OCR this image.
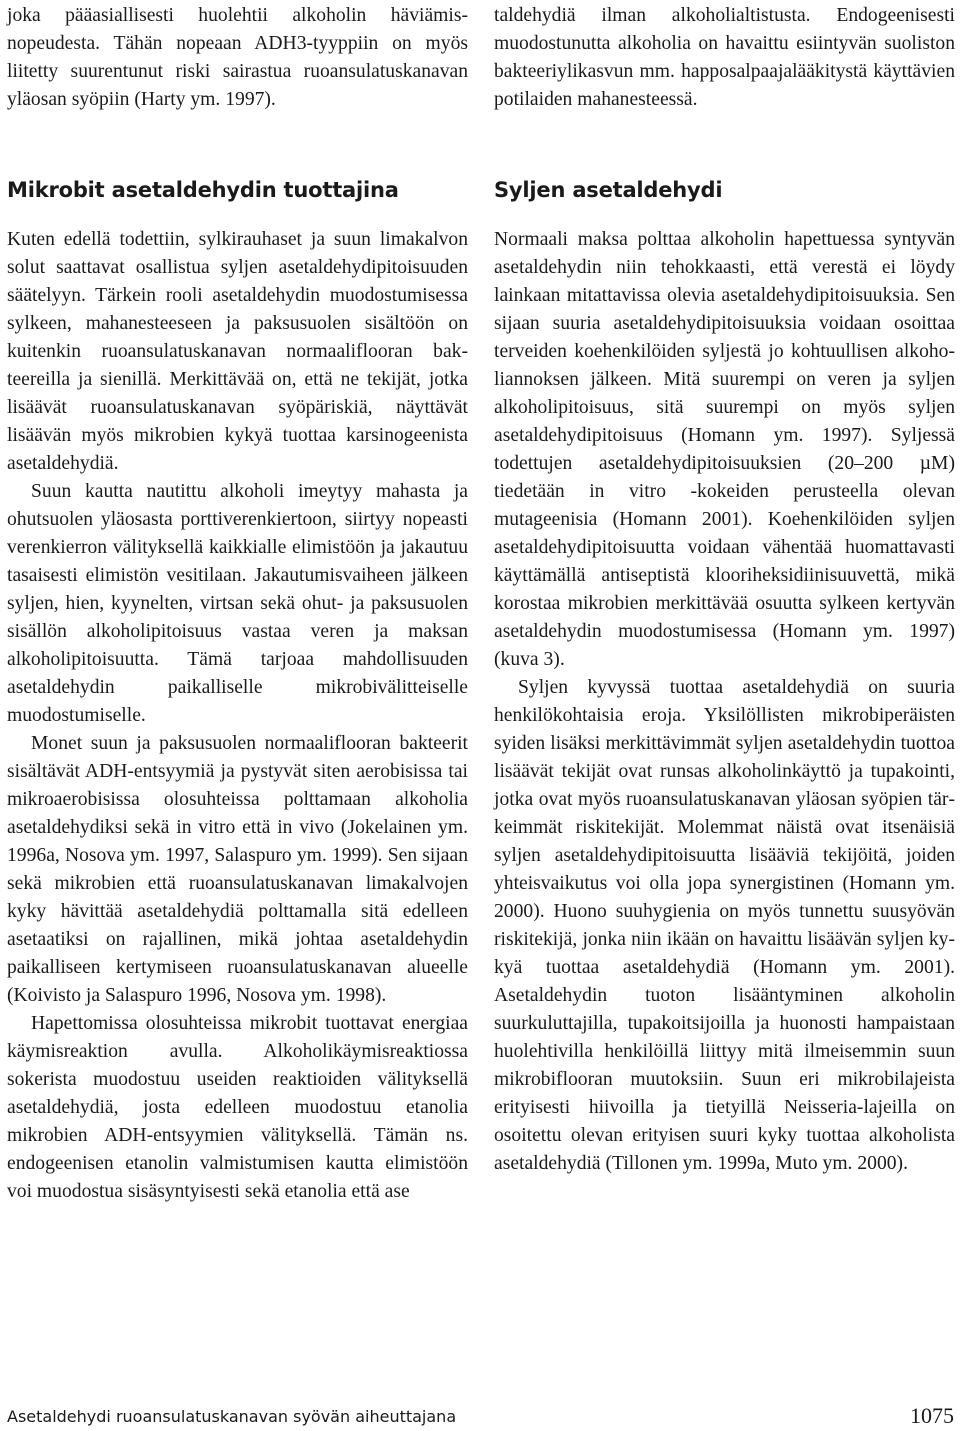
joka pääasiallisesti huolehtii alkoholin häviämisnopeudesta. Tähän nopeaan ADH3-tyyppiin on myös liitetty suurentunut riski sairastua ruoansulatuskanavan yläosan syöpiin (Harty ym. 1997).

Mikrobit asetaldehydin tuottajina

Kuten edellä todettiin, sylkirauhaset ja suun limakalvon solut saattavat osallistua syljen asetaldehydipitoisuuden säätelyyn. Tärkein rooli asetaldehydin muodostumisessa sylkeen, mahanesteeseen ja paksusuolen sisältöön on kuitenkin ruoansulatuskanavan normaaliflooran bakteereilla ja sienillä. Merkittävää on, että ne tekijät, jotka lisäävät ruoansulatuskanavan syöpäriskiä, näyttävät lisäävän myös mikrobien kykyä tuottaa karsinogeenista asetaldehydiä.

Suun kautta nautittu alkoholi imeytyy mahasta ja ohutsuolen yläosasta porttiverenkiertoon, siirtyy nopeasti verenkierron välityksellä kaikkialle elimistöön ja jakautuu tasaisesti elimistön vesitilaan. Jakautumisvaiheen jälkeen syljen, hien, kyynelten, virtsan sekä ohut- ja paksusuolen sisällön alkoholipitoisuus vastaa veren ja maksan alkoholipitoisuutta. Tämä tarjoaa mahdollisuuden asetaldehydin paikalliselle mikrobivälitteiselle muodostumiselle.

Monet suun ja paksusuolen normaaliflooran bakteerit sisältävät ADH-entsyymiä ja pystyvät siten aerobisissa tai mikroaerobisissa olosuhteissa polttamaan alkoholia asetaldehydiksi sekä in vitro että in vivo (Jokelainen ym. 1996a, Nosova ym. 1997, Salaspuro ym. 1999). Sen sijaan sekä mikrobien että ruoansulatuskanavan limakalvojen kyky hävittää asetaldehydiä polttamalla sitä edelleen asetaatiksi on rajallinen, mikä johtaa asetaldehydin paikalliseen kertymiseen ruoansulatuskanavan alueelle (Koivisto ja Salaspuro 1996, Nosova ym. 1998).

Hapettomissa olosuhteissa mikrobit tuottavat energiaa käymisreaktion avulla. Alkoholikäymisreaktiossa sokerista muodostuu useiden reaktioiden välityksellä asetaldehydiä, josta edelleen muodostuu etanolia mikrobien ADH-entsyymien välityksellä. Tämän ns. endogeenisen etanolin valmistumisen kautta elimistöön voi muodostua sisäsyntyisesti sekä etanolia että ase

taldehydiä ilman alkoholialtistusta. Endogeenisesti muodostunutta alkoholia on havaittu esiintyvän suoliston bakteeriylikasvun mm. happosalpaajalääkitystä käyttävien potilaiden mahanesteessä.

Syljen asetaldehydi

Normaali maksa polttaa alkoholin hapettuessa syntyvän asetaldehydin niin tehokkaasti, että verestä ei löydy lainkaan mitattavissa olevia asetaldehydipitoisuuksia. Sen sijaan suuria asetaldehydipitoisuuksia voidaan osoittaa terveiden koehenkilöiden syljestä jo kohtuullisen alkoholiannoksen jälkeen. Mitä suurempi on veren ja syljen alkoholipitoisuus, sitä suurempi on myös syljen asetaldehydipitoisuus (Homann ym. 1997). Syljessä todettujen asetaldehydipitoisuuksien (20–200 µM) tiedetään in vitro -kokeiden perusteella olevan mutageenisia (Homann 2001). Koehenkilöiden syljen asetaldehydipitoisuutta voidaan vähentää huomattavasti käyttämällä antiseptistä klooriheksidiinisuuvettä, mikä korostaa mikrobien merkittävää osuutta sylkeen kertyvän asetaldehydin muodostumisessa (Homann ym. 1997) (kuva 3).

Syljen kyvyssä tuottaa asetaldehydiä on suuria henkilökohtaisia eroja. Yksilöllisten mikrobiperäisten syiden lisäksi merkittävimmät syljen asetaldehydin tuottoa lisäävät tekijät ovat runsas alkoholinkäyttö ja tupakointi, jotka ovat myös ruoansulatuskanavan yläosan syöpien tärkeimmät riskitekijät. Molemmat näistä ovat itsenäisiä syljen asetaldehydipitoisuutta lisääviä tekijöitä, joiden yhteisvaikutus voi olla jopa synergistinen (Homann ym. 2000). Huono suuhygienia on myös tunnettu suusyövän riskitekijä, jonka niin ikään on havaittu lisäävän syljen kykyä tuottaa asetaldehydiä (Homann ym. 2001). Asetaldehydin tuoton lisääntyminen alkoholin suurkuluttajilla, tupakoitsijoilla ja huonosti hampaistaan huolehtivilla henkilöillä liittyy mitä ilmeisemmin suun mikrobiflooran muutoksiin. Suun eri mikrobilajeista erityisesti hiivoilla ja tietyillä Neisseria-lajeilla on osoitettu olevan erityisen suuri kyky tuottaa alkoholista asetaldehydiä (Tillonen ym. 1999a, Muto ym. 2000).

Asetaldehydi ruoansulatuskanavan syövän aiheuttajana	1075
